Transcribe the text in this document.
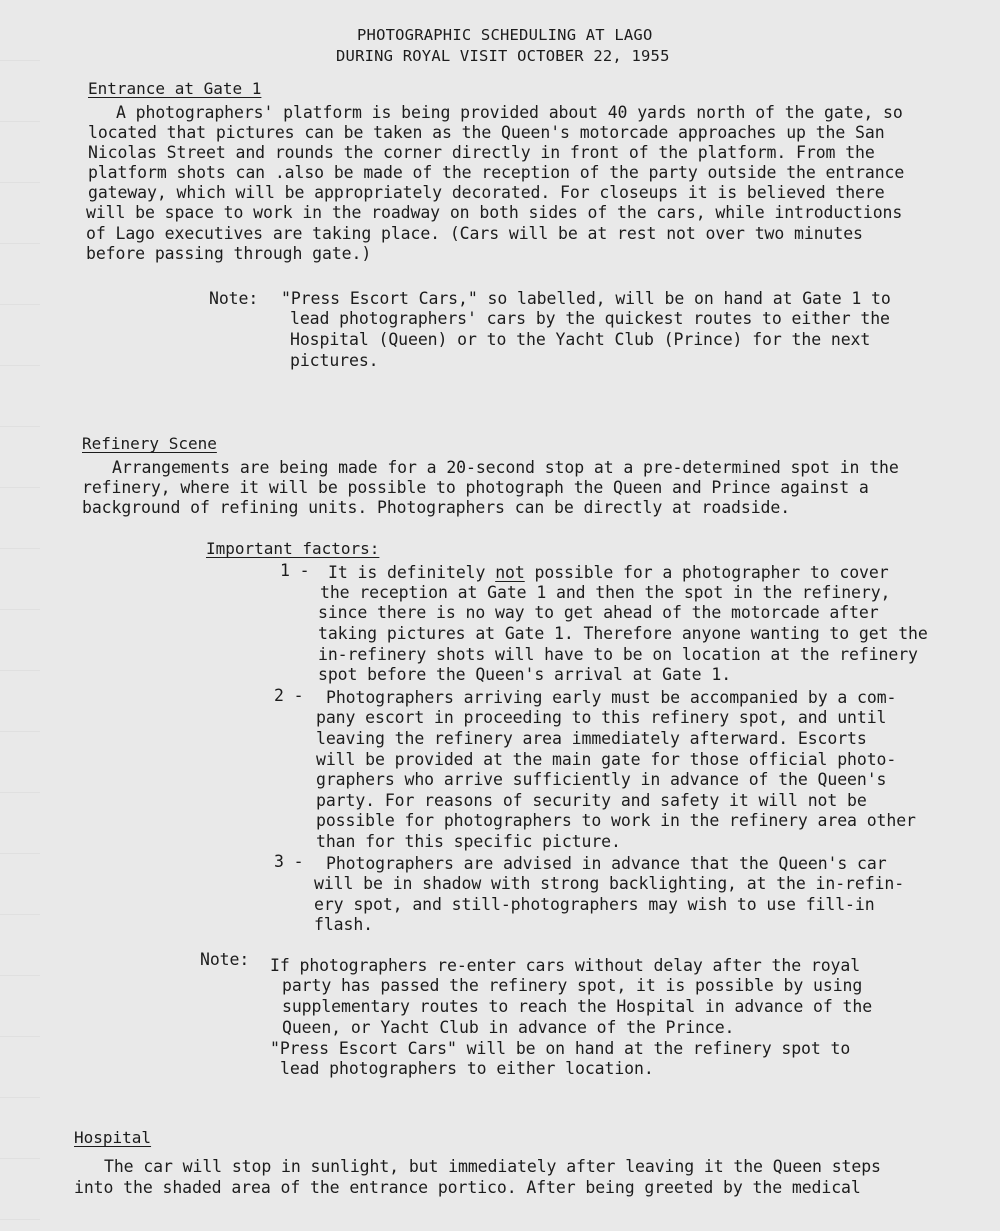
PHOTOGRAPHIC SCHEDULING AT LAGO
DURING ROYAL VISIT OCTOBER 22, 1955
Entrance at Gate 1
A photographers' platform is being provided about 40 yards north of the gate, so
located that pictures can be taken as the Queen's motorcade approaches up the San
Nicolas Street and rounds the corner directly in front of the platform. From the
platform shots can .also be made of the reception of the party outside the entrance
gateway, which will be appropriately decorated. For closeups it is believed there
will be space to work in the roadway on both sides of the cars, while introductions
of Lago executives are taking place. (Cars will be at rest not over two minutes
before passing through gate.)
Note: "Press Escort Cars," so labelled, will be on hand at Gate 1 to
lead photographers' cars by the quickest routes to either the
Hospital (Queen) or to the Yacht Club (Prince) for the next
pictures.
Refinery Scene
Arrangements are being made for a 20-second stop at a pre-determined spot in the
refinery, where it will be possible to photograph the Queen and Prince against a
background of refining units. Photographers can be directly at roadside.
Important factors:
1 - It is definitely not possible for a photographer to cover
the reception at Gate 1 and then the spot in the refinery,
since there is no way to get ahead of the motorcade after
taking pictures at Gate 1. Therefore anyone wanting to get the
in-refinery shots will have to be on location at the refinery
spot before the Queen's arrival at Gate 1.
2 - Photographers arriving early must be accompanied by a com-
pany escort in proceeding to this refinery spot, and until
leaving the refinery area immediately afterward. Escorts
will be provided at the main gate for those official photo-
graphers who arrive sufficiently in advance of the Queen's
party. For reasons of security and safety it will not be
possible for photographers to work in the refinery area other
than for this specific picture.
3 - Photographers are advised in advance that the Queen's car
will be in shadow with strong backlighting, at the in-refin-
ery spot, and still-photographers may wish to use fill-in
flash.
Note: If photographers re-enter cars without delay after the royal
party has passed the refinery spot, it is possible by using
supplementary routes to reach the Hospital in advance of the
Queen, or Yacht Club in advance of the Prince.
"Press Escort Cars" will be on hand at the refinery spot to
lead photographers to either location.
Hospital
The car will stop in sunlight, but immediately after leaving it the Queen steps
into the shaded area of the entrance portico. After being greeted by the medical
